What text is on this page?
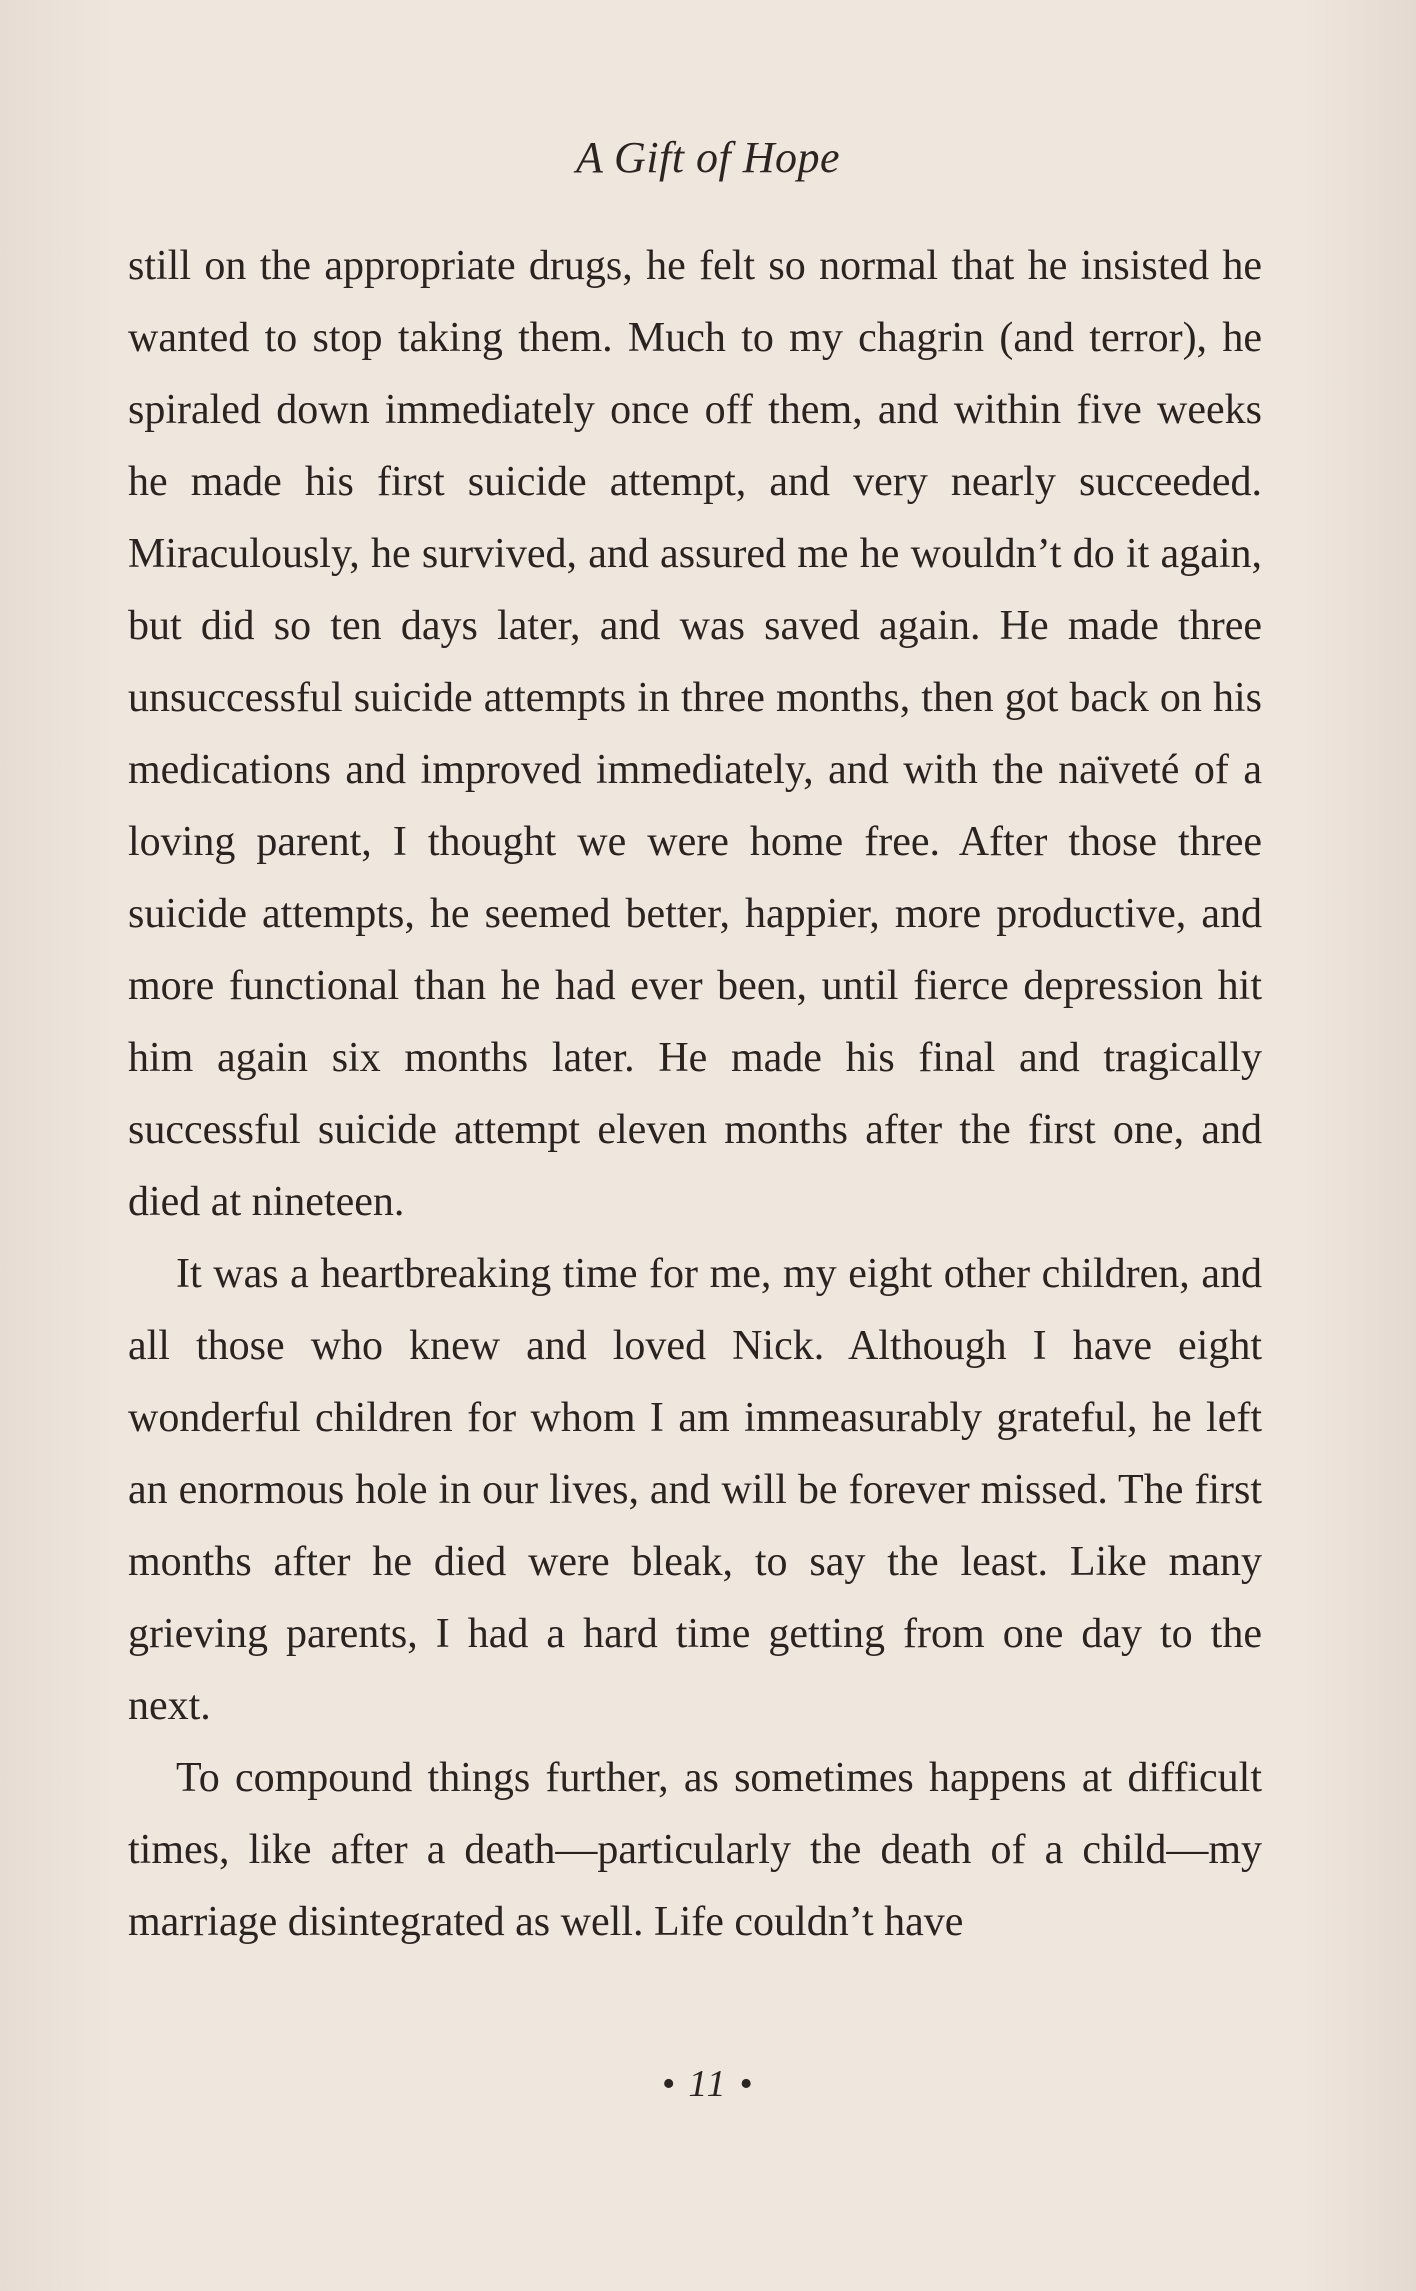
A Gift of Hope

still on the appropriate drugs, he felt so normal that he insisted he wanted to stop taking them. Much to my chagrin (and terror), he spiraled down immediately once off them, and within five weeks he made his first suicide attempt, and very nearly succeeded. Miraculously, he survived, and assured me he wouldn’t do it again, but did so ten days later, and was saved again. He made three unsuccessful suicide attempts in three months, then got back on his medications and improved immediately, and with the naïveté of a loving parent, I thought we were home free. After those three suicide attempts, he seemed better, happier, more productive, and more functional than he had ever been, until fierce depression hit him again six months later. He made his final and tragically successful suicide attempt eleven months after the first one, and died at nineteen.

It was a heartbreaking time for me, my eight other children, and all those who knew and loved Nick. Although I have eight wonderful children for whom I am immeasurably grateful, he left an enormous hole in our lives, and will be forever missed. The first months after he died were bleak, to say the least. Like many grieving parents, I had a hard time getting from one day to the next.

To compound things further, as sometimes happens at difficult times, like after a death—particularly the death of a child—my marriage disintegrated as well. Life couldn’t have

• 11 •
